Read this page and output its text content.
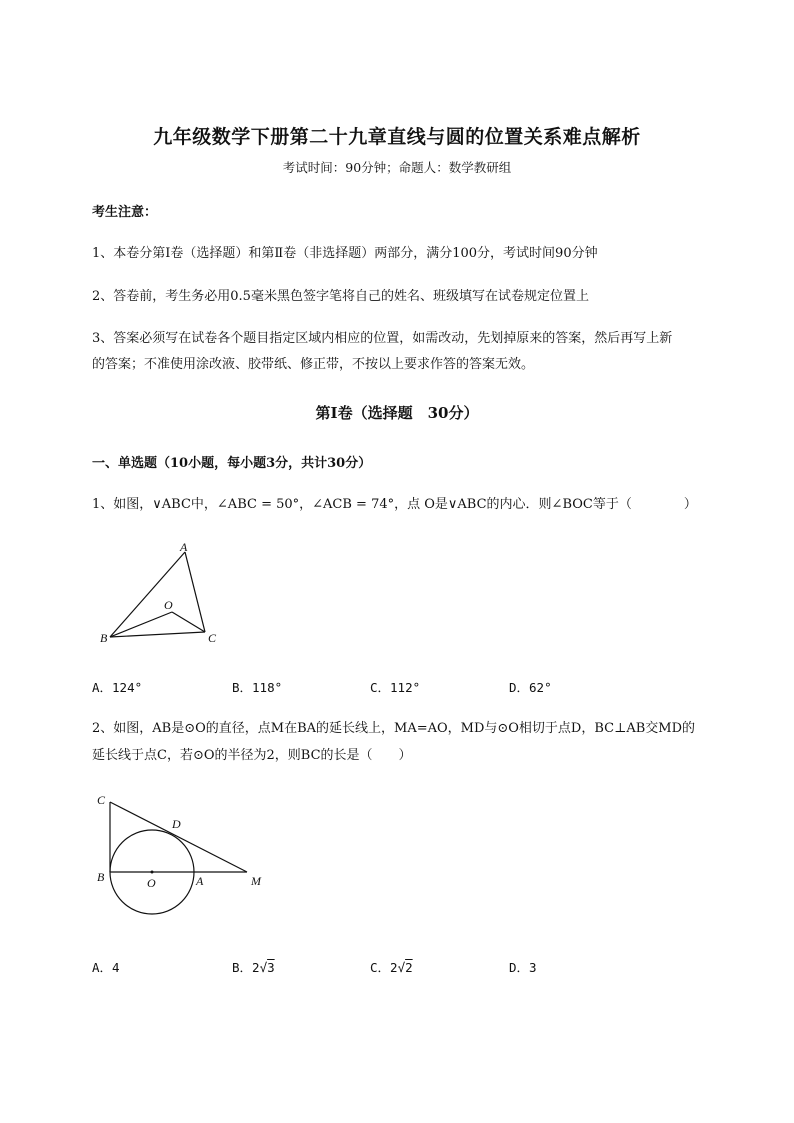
九年级数学下册第二十九章直线与圆的位置关系难点解析
考试时间：90分钟；命题人：数学教研组
考生注意：
1、本卷分第I卷（选择题）和第Ⅱ卷（非选择题）两部分，满分100分，考试时间90分钟
2、答卷前，考生务必用0.5毫米黑色签字笔将自己的姓名、班级填写在试卷规定位置上
3、答案必须写在试卷各个题目指定区域内相应的位置，如需改动，先划掉原来的答案，然后再写上新
的答案；不准使用涂改液、胶带纸、修正带，不按以上要求作答的答案无效。
第Ⅰ卷（选择题　30分）
一、单选题（10小题，每小题3分，共计30分）
1、如图，∨ABC中，∠ABC = 50°，∠ACB = 74°，点 O是∨ABC的内心．则∠BOC等于（　　　　）
A
B	C
O
A．124°	B．118°	C．112°	D．62°
2、如图，AB是⊙O的直径，点M在BA的延长线上，MA=AO，MD与⊙O相切于点D，BC⊥AB交MD的
延长线于点C，若⊙O的半径为2，则BC的长是（　　）
C
D
B	O	A	M
A．4	B．2√3	C．2√2	D．3
